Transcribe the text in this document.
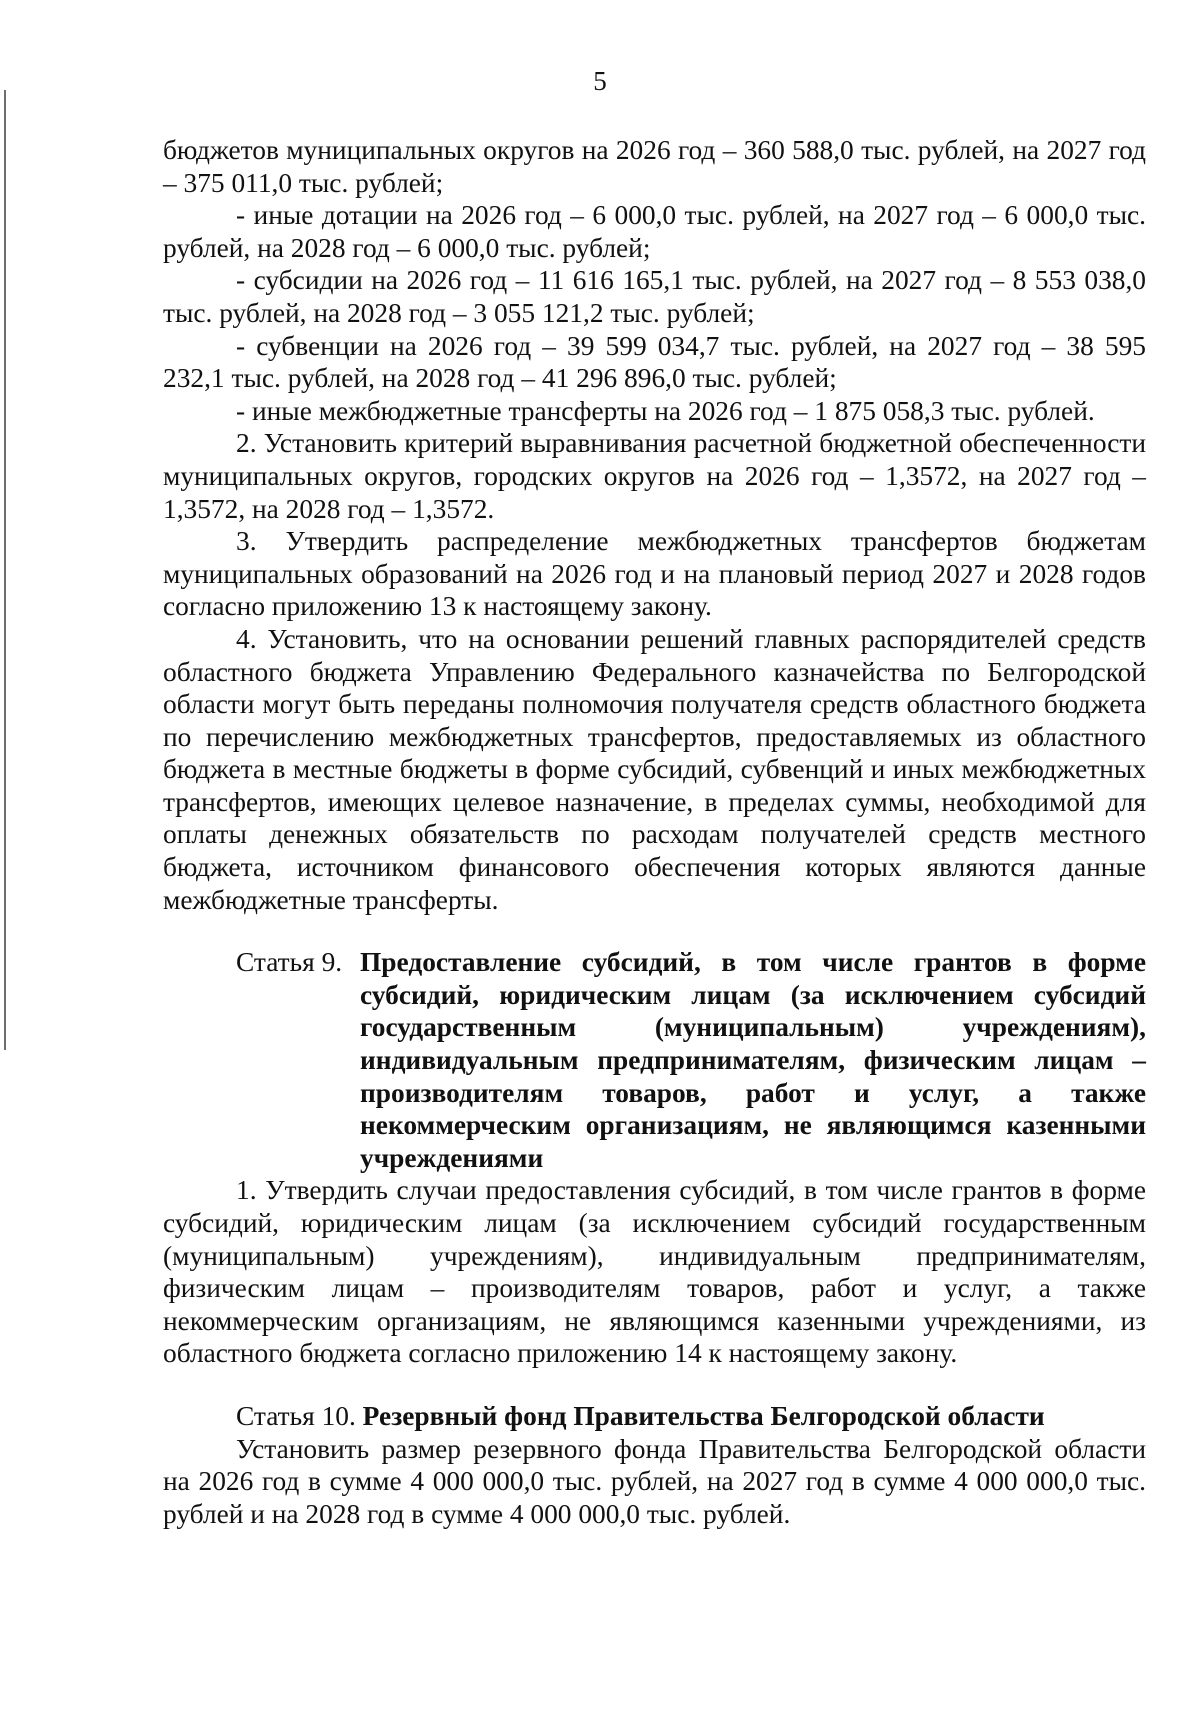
5

бюджетов муниципальных округов на 2026 год – 360 588,0 тыс. рублей, на 2027 год – 375 011,0 тыс. рублей;

- иные дотации на 2026 год – 6 000,0 тыс. рублей, на 2027 год – 6 000,0 тыс. рублей, на 2028 год – 6 000,0 тыс. рублей;

- субсидии на 2026 год – 11 616 165,1 тыс. рублей, на 2027 год – 8 553 038,0 тыс. рублей, на 2028 год – 3 055 121,2 тыс. рублей;

- субвенции на 2026 год – 39 599 034,7 тыс. рублей, на 2027 год – 38 595 232,1 тыс. рублей, на 2028 год – 41 296 896,0 тыс. рублей;

- иные межбюджетные трансферты на 2026 год – 1 875 058,3 тыс. рублей.

2. Установить критерий выравнивания расчетной бюджетной обеспеченности муниципальных округов, городских округов на 2026 год – 1,3572, на 2027 год – 1,3572, на 2028 год – 1,3572.

3. Утвердить распределение межбюджетных трансфертов бюджетам муниципальных образований на 2026 год и на плановый период 2027 и 2028 годов согласно приложению 13 к настоящему закону.

4. Установить, что на основании решений главных распорядителей средств областного бюджета Управлению Федерального казначейства по Белгородской области могут быть переданы полномочия получателя средств областного бюджета по перечислению межбюджетных трансфертов, предоставляемых из областного бюджета в местные бюджеты в форме субсидий, субвенций и иных межбюджетных трансфертов, имеющих целевое назначение, в пределах суммы, необходимой для оплаты денежных обязательств по расходам получателей средств местного бюджета, источником финансового обеспечения которых являются данные межбюджетные трансферты.

Статья 9. Предоставление субсидий, в том числе грантов в форме субсидий, юридическим лицам (за исключением субсидий государственным (муниципальным) учреждениям), индивидуальным предпринимателям, физическим лицам – производителям товаров, работ и услуг, а также некоммерческим организациям, не являющимся казенными учреждениями

1. Утвердить случаи предоставления субсидий, в том числе грантов в форме субсидий, юридическим лицам (за исключением субсидий государственным (муниципальным) учреждениям), индивидуальным предпринимателям, физическим лицам – производителям товаров, работ и услуг, а также некоммерческим организациям, не являющимся казенными учреждениями, из областного бюджета согласно приложению 14 к настоящему закону.

Статья 10. Резервный фонд Правительства Белгородской области

Установить размер резервного фонда Правительства Белгородской области на 2026 год в сумме 4 000 000,0 тыс. рублей, на 2027 год в сумме 4 000 000,0 тыс. рублей и на 2028 год в сумме 4 000 000,0 тыс. рублей.
